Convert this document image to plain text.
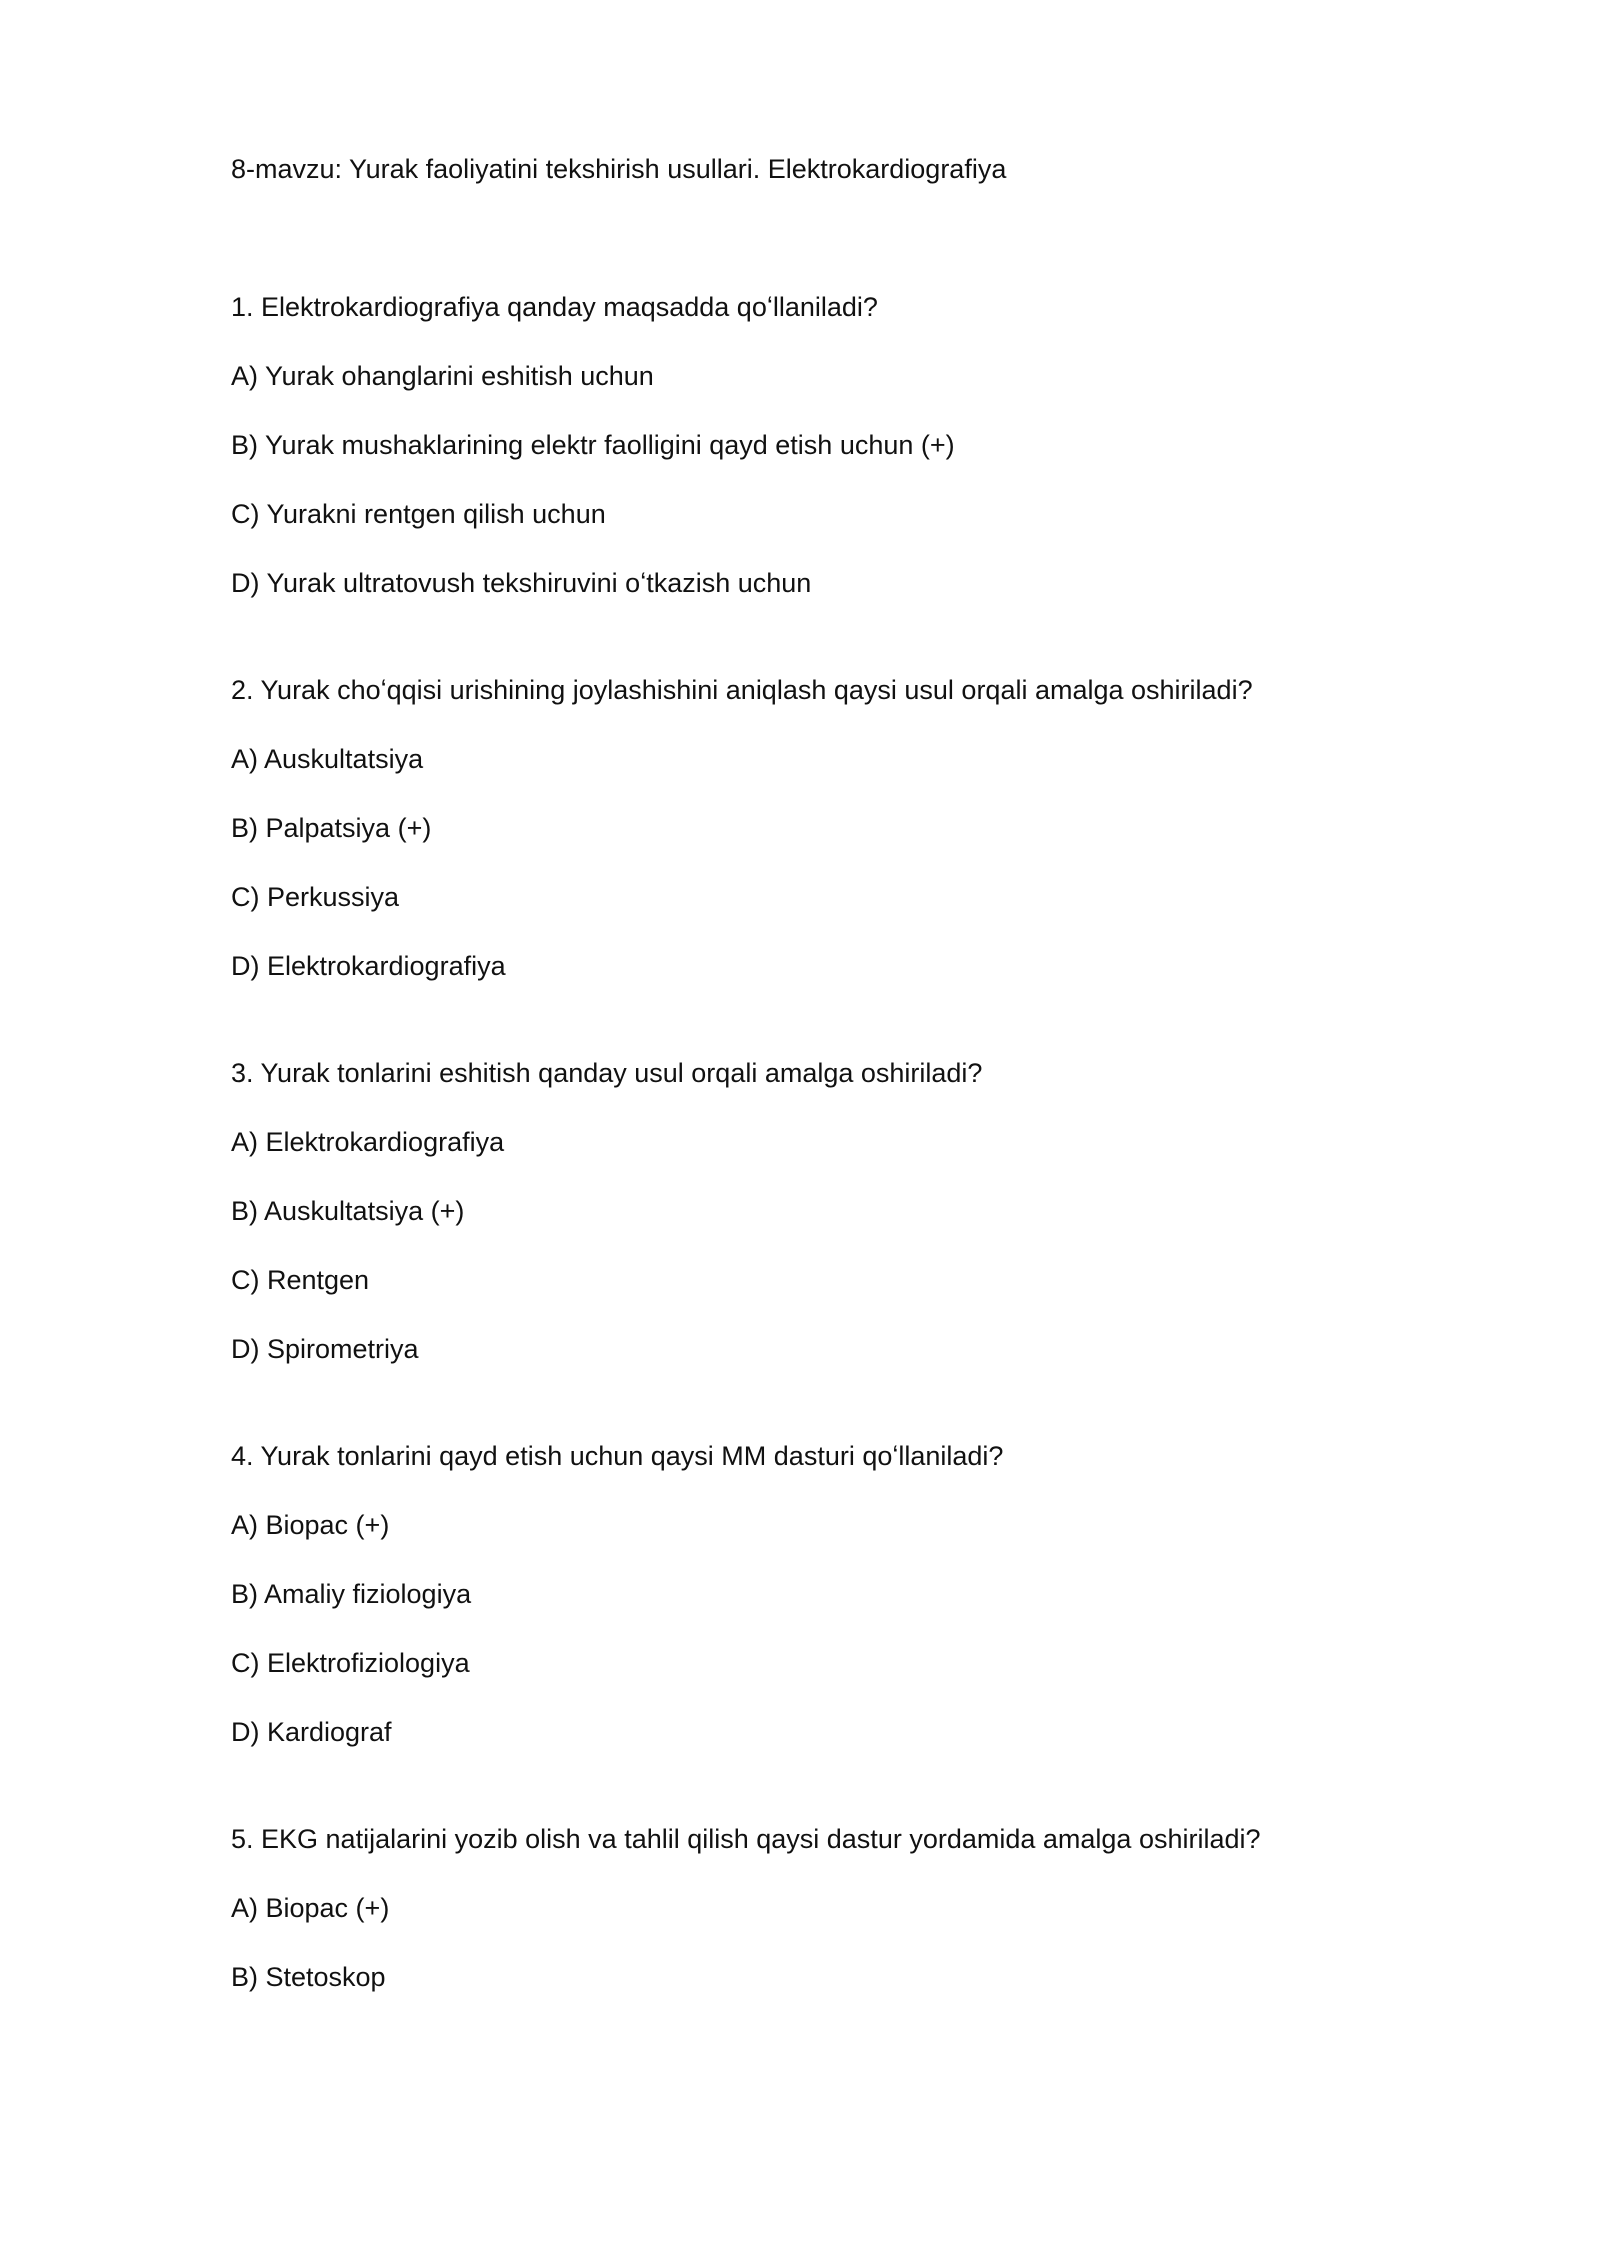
8-mavzu: Yurak faoliyatini tekshirish usullari. Elektrokardiografiya

1. Elektrokardiografiya qanday maqsadda qoʻllaniladi?

A) Yurak ohanglarini eshitish uchun

B) Yurak mushaklarining elektr faolligini qayd etish uchun (+)

C) Yurakni rentgen qilish uchun

D) Yurak ultratovush tekshiruvini oʻtkazish uchun

2. Yurak choʻqqisi urishining joylashishini aniqlash qaysi usul orqali amalga oshiriladi?

A) Auskultatsiya

B) Palpatsiya (+)

C) Perkussiya

D) Elektrokardiografiya

3. Yurak tonlarini eshitish qanday usul orqali amalga oshiriladi?

A) Elektrokardiografiya

B) Auskultatsiya (+)

C) Rentgen

D) Spirometriya

4. Yurak tonlarini qayd etish uchun qaysi MM dasturi qoʻllaniladi?

A) Biopac (+)

B) Amaliy fiziologiya

C) Elektrofiziologiya

D) Kardiograf

5. EKG natijalarini yozib olish va tahlil qilish qaysi dastur yordamida amalga oshiriladi?

A) Biopac (+)

B) Stetoskop
